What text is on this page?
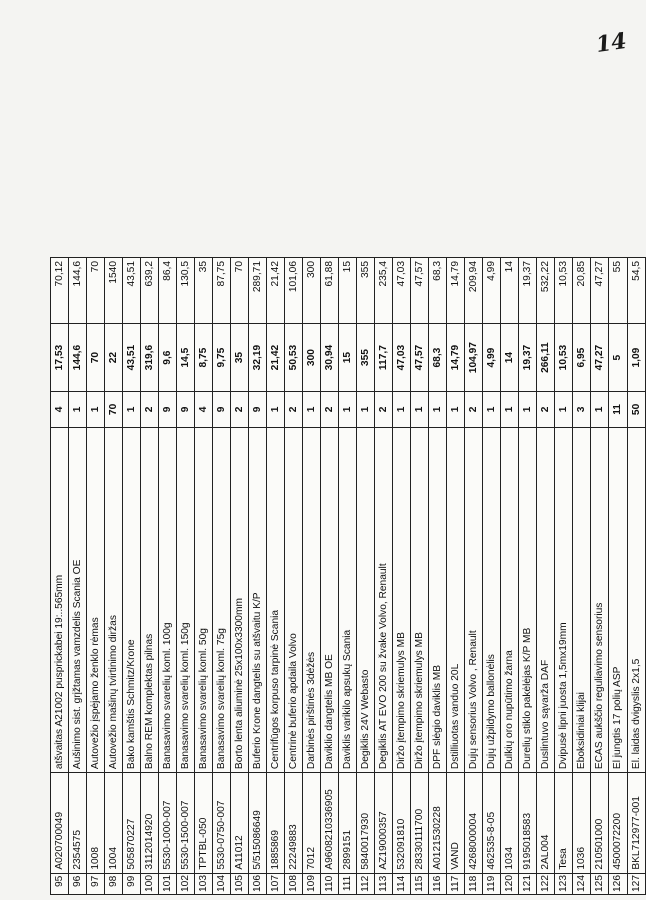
14
95	A020700049	atšvaitas A21002 pusprickabei 19:..565mm	4	17,53	70,12
96	2354575	Aušinimo sist. grįžtamas vamzdelis Scania OE	1	144,6	144,6
97	1008	Autovežio įspėjamo ženklo rėmas	1	70	70
98	1004	Autovežio mašinų tvirtinimo diržas	70	22	1540
99	505870227	Bako kamštis Schmitz/Krone	1	43,51	43,51
100	3112014920	Balno REM komplektas pilnas	2	319,6	639,2
101	5530-1000-007	Banasavimo svarelių koml. 100g	9	9,6	86,4
102	5530-1500-007	Banasavimo svarelių koml. 150g	9	14,5	130,5
103	TPTBL-050	Banasavimo svarelių koml. 50g	4	8,75	35
104	5530-0750-007	Banasavimo svarelių koml. 75g	9	9,75	87,75
105	A11012	Borto lenta aliuminė 25x100x3300mm	2	35	70
106	5/515086649	Buferio Krone dangtelis su atšvaitu K/P	9	32,19	289,71
107	1885869	Centrifūgos korpuso tarpinė Scania	1	21,42	21,42
108	22249883	Centrinė buferio apdaila Volvo	2	50,53	101,06
109	7012	Darbinės pirštinės 3dėžės	1	300	300
110	A9608210336905	Daviklio dangtelis MB OE	2	30,94	61,88
111	2899151	Daviklis varikilo apsukų Scania	1	15	15
112	5840017930	Degiklis 24V Webasto	1	355	355
113	AZ19000357	Degiklis AT EVO 200 su žvake Volvo, Renault	2	117,7	235,4
114	532091810	Diržo įtempimo skriemulys MB	1	47,03	47,03
115	28330111700	Diržo įtempimo skriemulys MB	1	47,57	47,57
116	A0121530228	DPF slėgio daviklis MB	1	68,3	68,3
117	VAND	Dstilliuotas vanduo 20L	1	14,79	14,79
118	4268000004	Dujų sensorius Volvo , Renault	2	104,97	209,94
119	462535-8-05	Dujų užpildymo ballonėlis	1	4,99	4,99
120	1034	Dulkių oro nupūtimo žarna	1	14	14
121	9195018583	Durelių stiklo pakėlėjas K/P MB	1	19,37	19,37
122	2AL004	Duslintuvo sąvarža DAF	2	266,11	532,22
123	Tesa	Dvipusė lipni juosta 1,5mx19mm	1	10,53	10,53
124	1036	Eboksidiniai klijai	3	6,95	20,85
125	210501000	ECAS aukščio reguliavimo sensorius	1	47,27	47,27
126	4500072200	El jungtis 17 polių ASP	11	5	55
127	BKL712977-001	El. laidas dvigyslis 2x1,5	50	1,09	54,5
